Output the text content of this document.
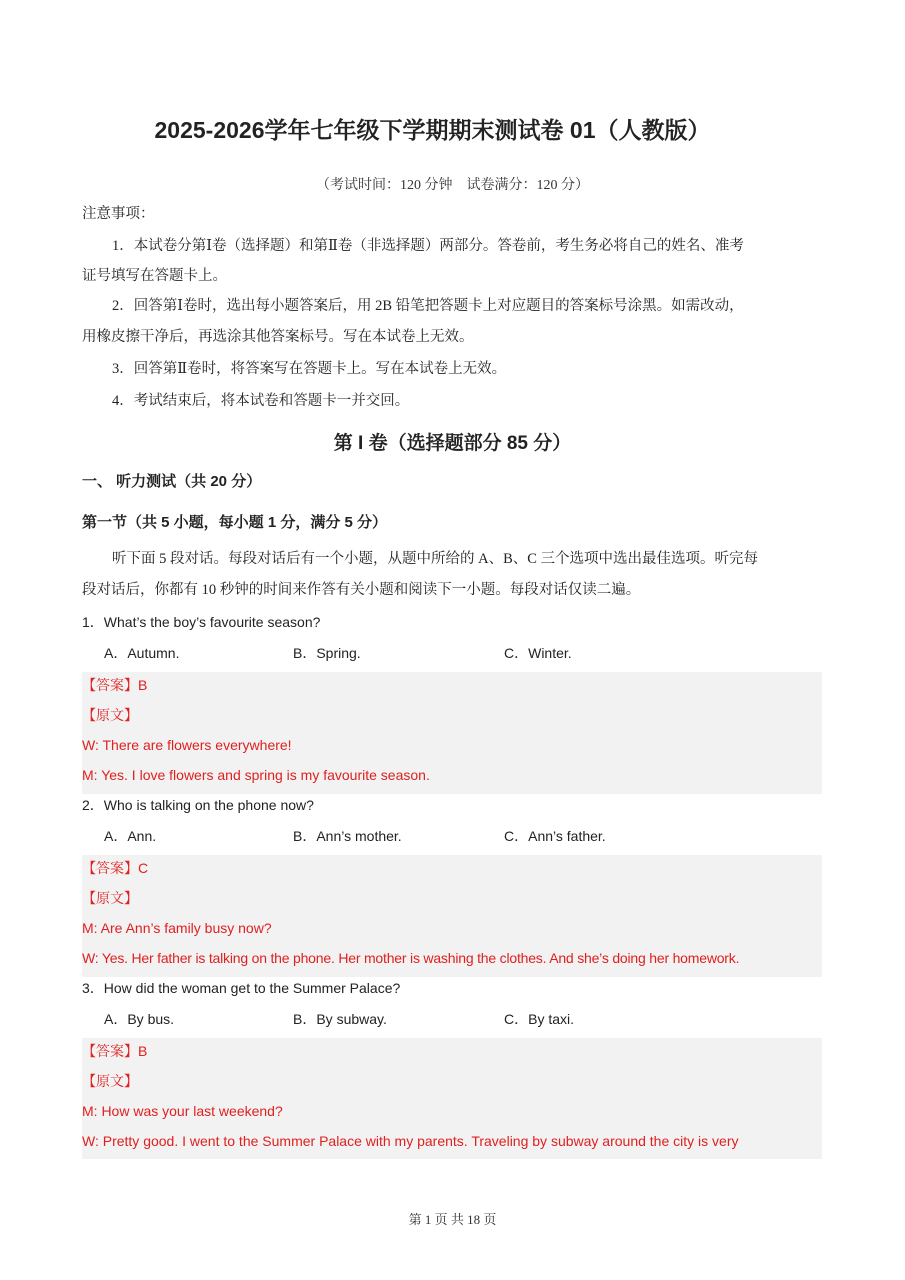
2025-2026学年七年级下学期期末测试卷 01（人教版）

（考试时间：120 分钟　试卷满分：120 分）

注意事项：
1．本试卷分第Ⅰ卷（选择题）和第Ⅱ卷（非选择题）两部分。答卷前，考生务必将自己的姓名、准考
证号填写在答题卡上。
2．回答第Ⅰ卷时，选出每小题答案后，用 2B 铅笔把答题卡上对应题目的答案标号涂黑。如需改动，
用橡皮擦干净后，再选涂其他答案标号。写在本试卷上无效。
3．回答第Ⅱ卷时，将答案写在答题卡上。写在本试卷上无效。
4．考试结束后，将本试卷和答题卡一并交回。
第 I 卷（选择题部分 85 分）
一、 听力测试（共 20 分）
第一节（共 5 小题，每小题 1 分，满分 5 分）
听下面 5 段对话。每段对话后有一个小题，从题中所给的 A、B、C 三个选项中选出最佳选项。听完每
段对话后，你都有 10 秒钟的时间来作答有关小题和阅读下一小题。每段对话仅读二遍。
1．What’s the boy’s favourite season?
A．Autumn.	B．Spring.	C．Winter.
【答案】B
【原文】
W: There are flowers everywhere!
M: Yes. I love flowers and spring is my favourite season.
2．Who is talking on the phone now?
A．Ann.	B．Ann’s mother.	C．Ann’s father.
【答案】C
【原文】
M: Are Ann’s family busy now?
W: Yes. Her father is talking on the phone. Her mother is washing the clothes. And she’s doing her homework.
3．How did the woman get to the Summer Palace?
A．By bus.	B．By subway.	C．By taxi.
【答案】B
【原文】
M: How was your last weekend?
W: Pretty good. I went to the Summer Palace with my parents. Traveling by subway around the city is very
第 1 页 共 18 页
